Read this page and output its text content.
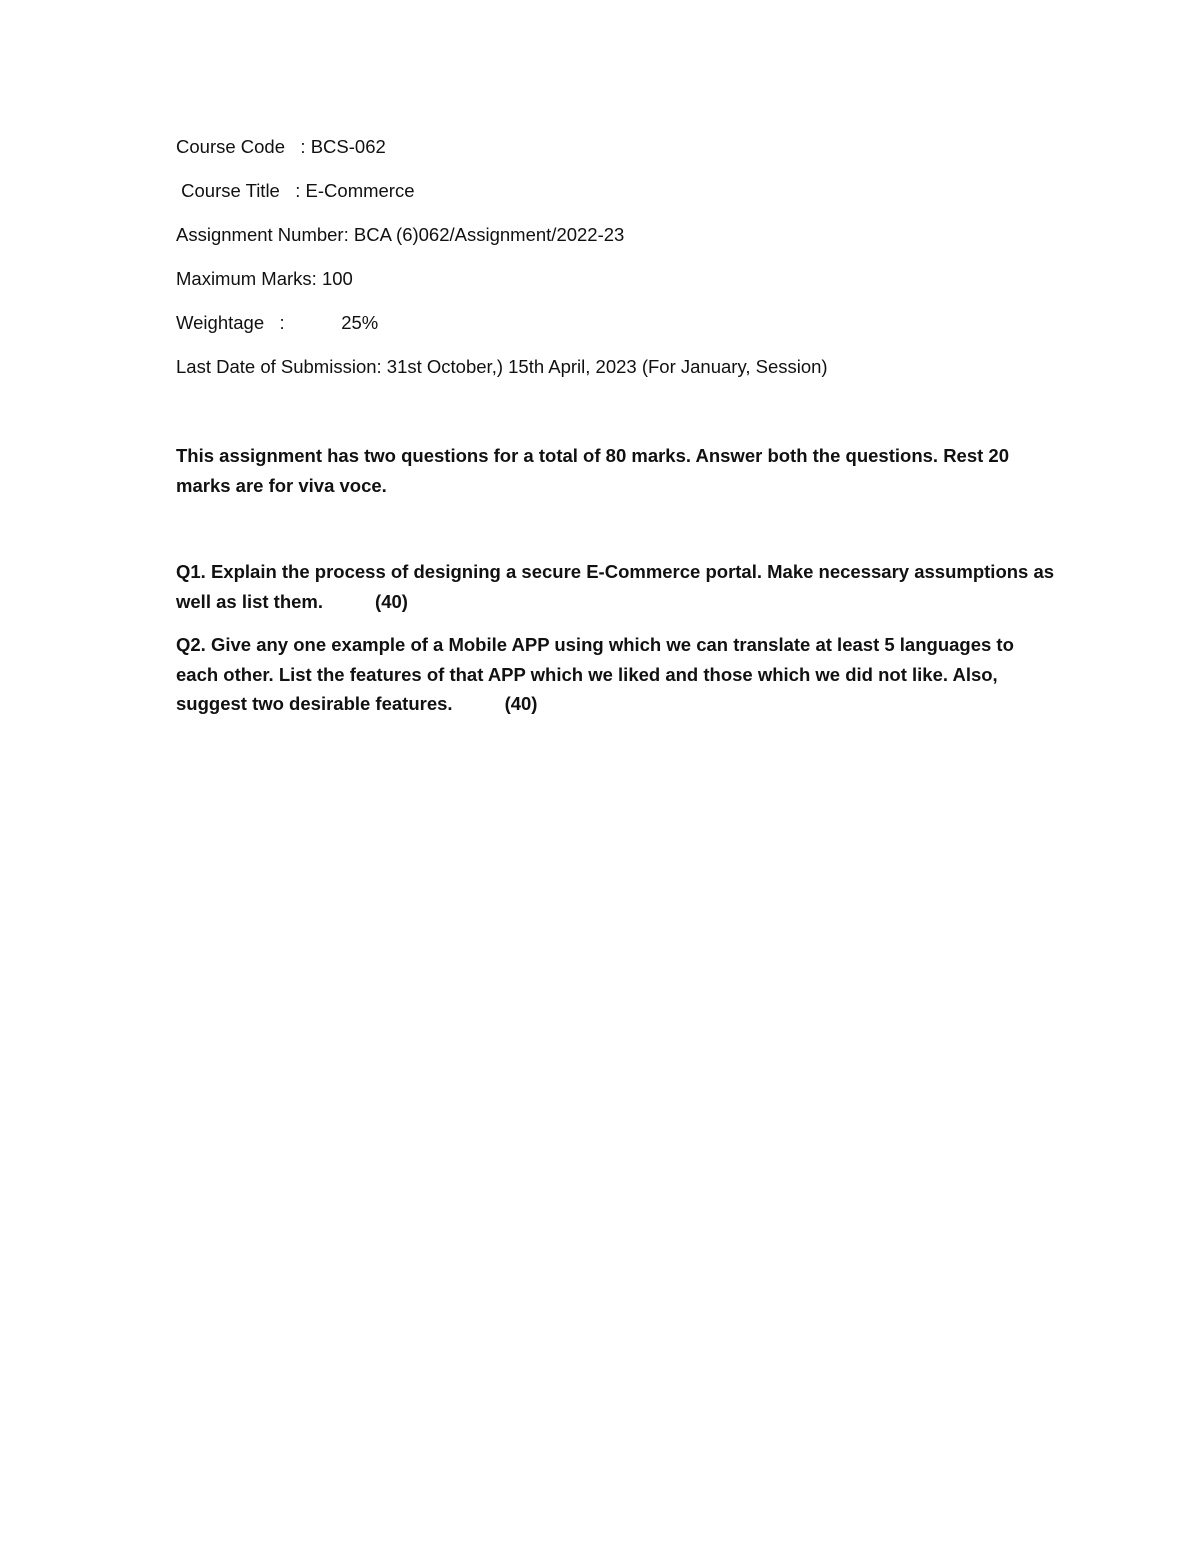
Course Code   : BCS-062
Course Title   : E-Commerce
Assignment Number: BCA (6)062/Assignment/2022-23
Maximum Marks: 100
Weightage   :           25%
Last Date of Submission: 31st October,) 15th April, 2023 (For January, Session)
This assignment has two questions for a total of 80 marks. Answer both the questions. Rest 20 marks are for viva voce.
Q1. Explain the process of designing a secure E-Commerce portal. Make necessary assumptions as well as list them.	(40)
Q2. Give any one example of a Mobile APP using which we can translate at least 5 languages to each other. List the features of that APP which we liked and those which we did not like. Also, suggest two desirable features.	(40)
